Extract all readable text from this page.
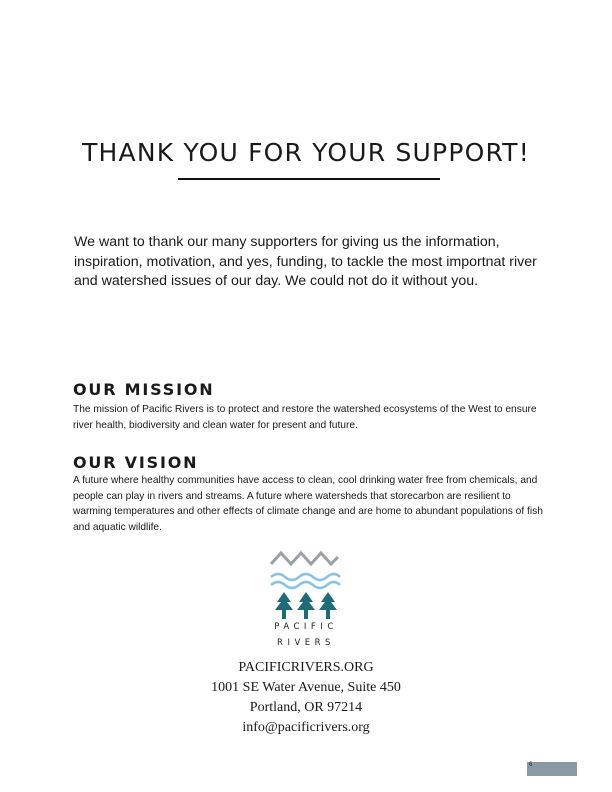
THANK YOU FOR YOUR SUPPORT!

We want to thank our many supporters for giving us the information, inspiration, motivation, and yes, funding, to tackle the most importnat river and watershed issues of our day. We could not do it without you.

OUR MISSION

The mission of Pacific Rivers is to protect and restore the watershed ecosystems of the West to ensure river health, biodiversity and clean water for present and future.

OUR VISION

A future where healthy communities have access to clean, cool drinking water free from chemicals, and people can play in rivers and streams. A future where watersheds that storecarbon are resilient to warming temperatures and other effects of climate change and are home to abundant populations of fish and aquatic wildlife.

PACIFIC
RIVERS
PACIFICRIVERS.ORG
1001 SE Water Avenue, Suite 450
Portland, OR 97214
info@pacificrivers.org
6
